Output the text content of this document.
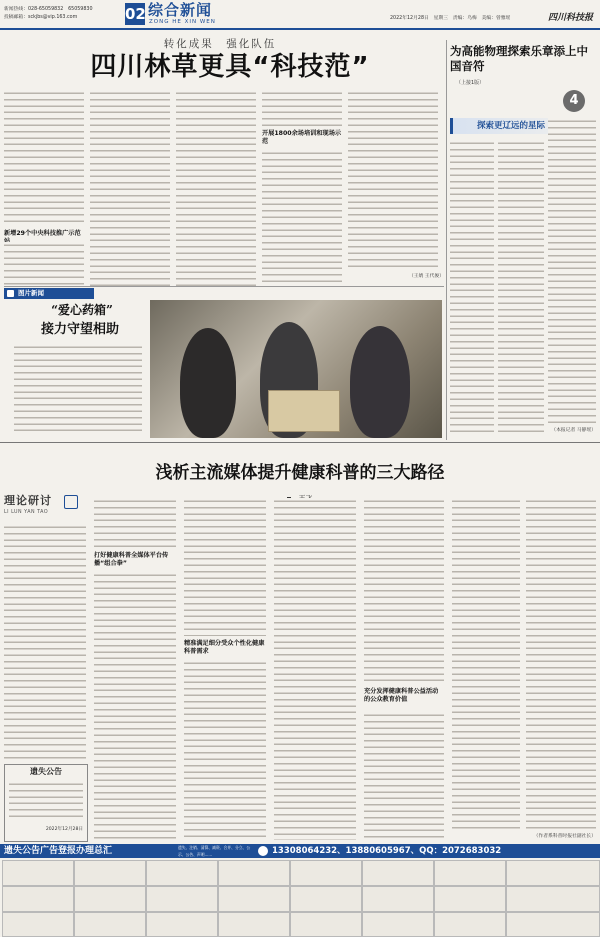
新闻热线：028-65059832　65059830
投稿邮箱：sckjbs@vip.163.com	02 综合新闻
ZONG HE XIN WEN
2022年12月28日　星期三　责编：乌梅　美编：曾雅瑶	四川科技报
转化成果　强化队伍
四川林草更具“科技范”
新增29个中央科技推广示范
开展1800余场培训和现场示范
（王婧 王代俊）
为高能物理探索乐章添上中国音符
（上接1版）
4
探索更辽远的星际
（本报记者 马静瑶）
图片新闻
“爱心药箱”
接力守望相助
浅析主流媒体提升健康科普的三大路径
理论研讨
LI LUN YAN TAO
打好健康科普全媒体平台传播“组合拳”
精准满足细分受众个性化健康科普需求
充分发挥健康科普公益活动的公众教育价值
（作者系科普时报社副社长）
遗失公告
2022年12月28日
遗失公告广告登报办理总汇	遗失、注销、清算、减资、合并、分立、公示、公告、声明……	13308064232、13880605967、QQ：2072683032
